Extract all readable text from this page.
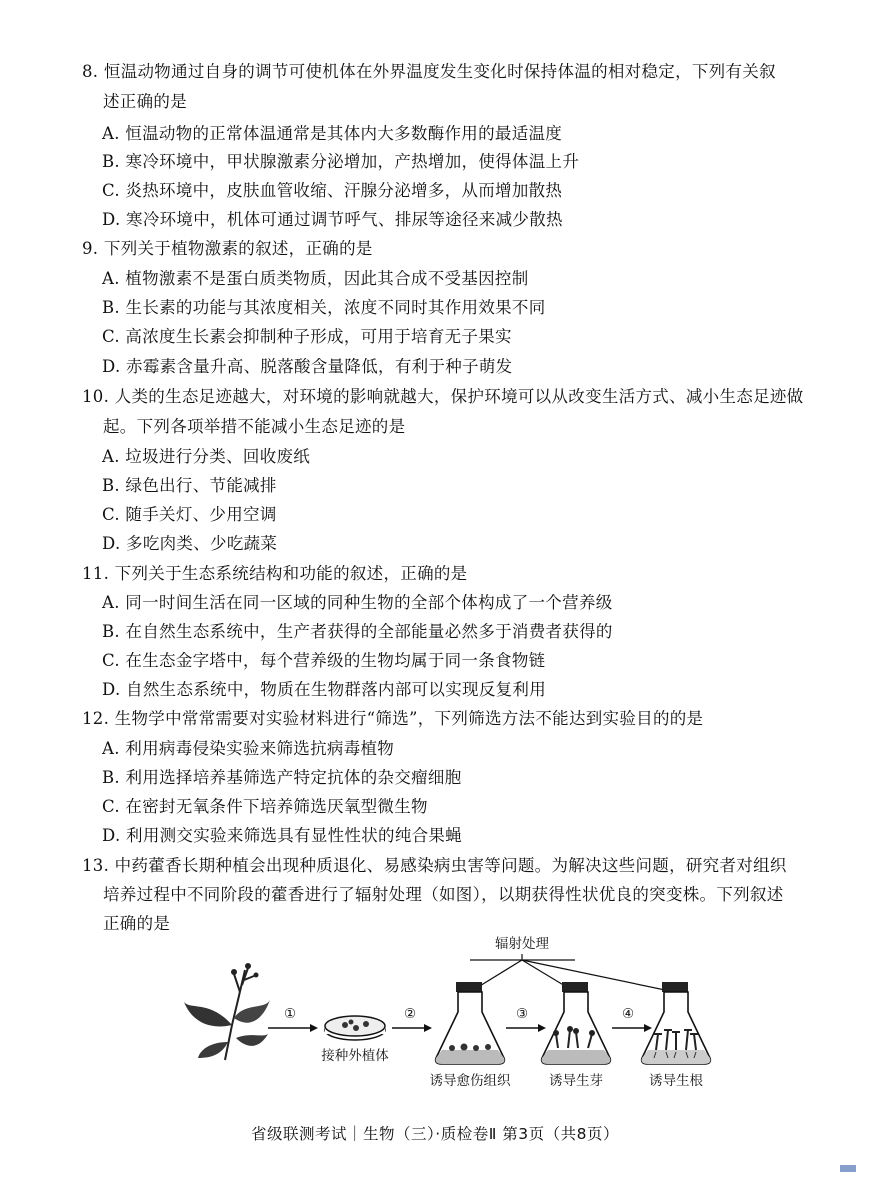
8. 恒温动物通过自身的调节可使机体在外界温度发生变化时保持体温的相对稳定，下列有关叙
述正确的是
A. 恒温动物的正常体温通常是其体内大多数酶作用的最适温度
B. 寒冷环境中，甲状腺激素分泌增加，产热增加，使得体温上升
C. 炎热环境中，皮肤血管收缩、汗腺分泌增多，从而增加散热
D. 寒冷环境中，机体可通过调节呼气、排尿等途径来减少散热
9. 下列关于植物激素的叙述，正确的是
A. 植物激素不是蛋白质类物质，因此其合成不受基因控制
B. 生长素的功能与其浓度相关，浓度不同时其作用效果不同
C. 高浓度生长素会抑制种子形成，可用于培育无子果实
D. 赤霉素含量升高、脱落酸含量降低，有利于种子萌发
10. 人类的生态足迹越大，对环境的影响就越大，保护环境可以从改变生活方式、减小生态足迹做
起。下列各项举措不能减小生态足迹的是
A. 垃圾进行分类、回收废纸
B. 绿色出行、节能减排
C. 随手关灯、少用空调
D. 多吃肉类、少吃蔬菜
11. 下列关于生态系统结构和功能的叙述，正确的是
A. 同一时间生活在同一区域的同种生物的全部个体构成了一个营养级
B. 在自然生态系统中，生产者获得的全部能量必然多于消费者获得的
C. 在生态金字塔中，每个营养级的生物均属于同一条食物链
D. 自然生态系统中，物质在生物群落内部可以实现反复利用
12. 生物学中常常需要对实验材料进行“筛选”，下列筛选方法不能达到实验目的的是
A. 利用病毒侵染实验来筛选抗病毒植物
B. 利用选择培养基筛选产特定抗体的杂交瘤细胞
C. 在密封无氧条件下培养筛选厌氧型微生物
D. 利用测交实验来筛选具有显性性状的纯合果蝇
13. 中药藿香长期种植会出现种质退化、易感染病虫害等问题。为解决这些问题，研究者对组织
培养过程中不同阶段的藿香进行了辐射处理（如图），以期获得性状优良的突变株。下列叙述
正确的是
辐射处理
①
接种外植体
②
诱导愈伤组织
③
诱导生芽
④
诱导生根
省级联测考试｜生物（三）·质检卷Ⅱ 第3页（共8页）
